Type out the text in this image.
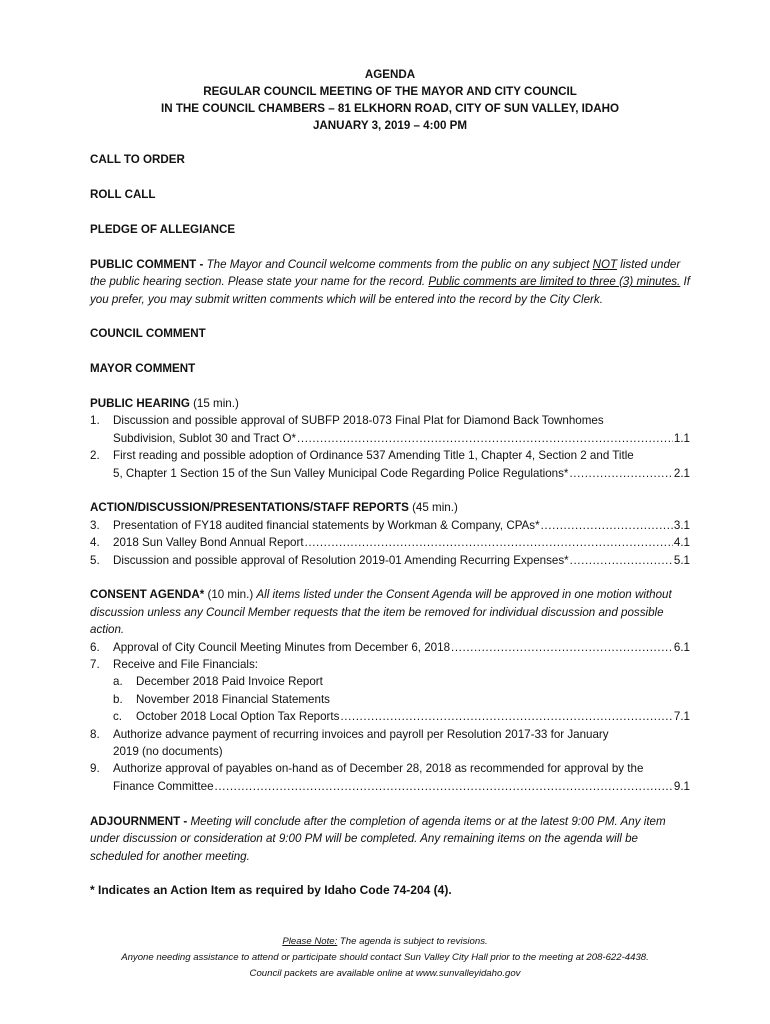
AGENDA
REGULAR COUNCIL MEETING OF THE MAYOR AND CITY COUNCIL
IN THE COUNCIL CHAMBERS – 81 ELKHORN ROAD, CITY OF SUN VALLEY, IDAHO
JANUARY 3, 2019 – 4:00 PM
CALL TO ORDER
ROLL CALL
PLEDGE OF ALLEGIANCE
PUBLIC COMMENT - The Mayor and Council welcome comments from the public on any subject NOT listed under the public hearing section. Please state your name for the record. Public comments are limited to three (3) minutes. If you prefer, you may submit written comments which will be entered into the record by the City Clerk.
COUNCIL COMMENT
MAYOR COMMENT
PUBLIC HEARING (15 min.)
1.	Discussion and possible approval of SUBFP 2018-073 Final Plat for Diamond Back Townhomes
Subdivision, Sublot 30 and Tract O* .....	1.1
2.	First reading and possible adoption of Ordinance 537 Amending Title 1, Chapter 4, Section 2 and Title
5, Chapter 1 Section 15 of the Sun Valley Municipal Code Regarding Police Regulations* .....	2.1
ACTION/DISCUSSION/PRESENTATIONS/STAFF REPORTS (45 min.)
3.	Presentation of FY18 audited financial statements by Workman & Company, CPAs* .....	3.1
4.	2018 Sun Valley Bond Annual Report .....	4.1
5.	Discussion and possible approval of Resolution 2019-01 Amending Recurring Expenses* .....	5.1
CONSENT AGENDA* (10 min.) All items listed under the Consent Agenda will be approved in one motion without discussion unless any Council Member requests that the item be removed for individual discussion and possible action.
6.	Approval of City Council Meeting Minutes from December 6, 2018 .....	6.1
7.	Receive and File Financials:
a.	December 2018 Paid Invoice Report
b.	November 2018 Financial Statements
c.	October 2018 Local Option Tax Reports .....	7.1
8.	Authorize advance payment of recurring invoices and payroll per Resolution 2017-33 for January
2019 (no documents)
9.	Authorize approval of payables on-hand as of December 28, 2018 as recommended for approval by the
Finance Committee .....	9.1
ADJOURNMENT - Meeting will conclude after the completion of agenda items or at the latest 9:00 PM. Any item under discussion or consideration at 9:00 PM will be completed. Any remaining items on the agenda will be scheduled for another meeting.
* Indicates an Action Item as required by Idaho Code 74-204 (4).
Please Note: The agenda is subject to revisions.
Anyone needing assistance to attend or participate should contact Sun Valley City Hall prior to the meeting at 208-622-4438.
Council packets are available online at www.sunvalleyidaho.gov
